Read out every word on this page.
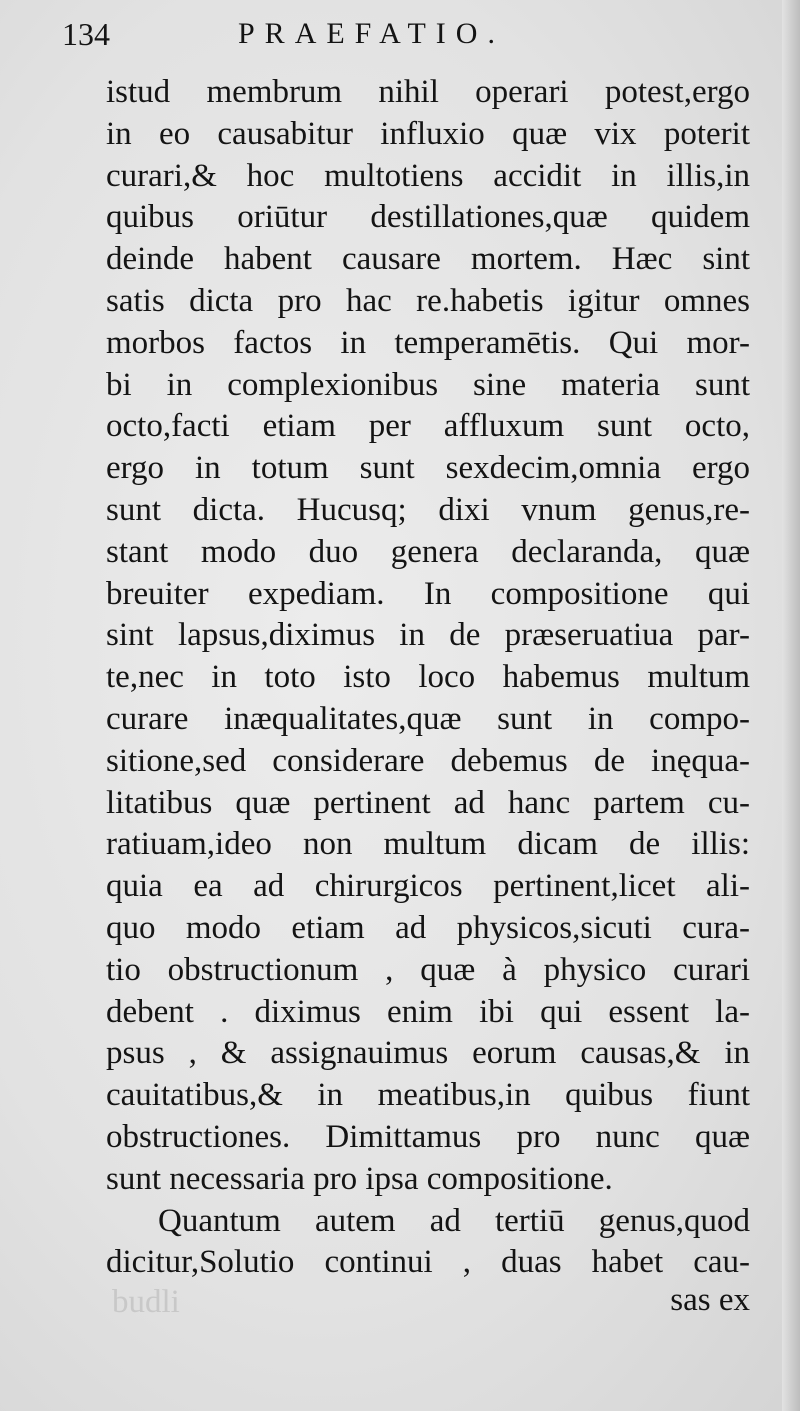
134	PRAEFATIO.
istud membrum nihil operari potest,ergo
in eo causabitur influxio quæ vix poterit
curari,& hoc multotiens accidit in illis,in
quibus oriūtur destillationes,quæ quidem
deinde habent causare mortem. Hæc sint
satis dicta pro hac re.habetis igitur omnes
morbos factos in temperamētis. Qui mor-
bi in complexionibus sine materia sunt
octo,facti etiam per affluxum sunt octo,
ergo in totum sunt sexdecim,omnia ergo
sunt dicta. Hucusq; dixi vnum genus,re-
stant modo duo genera declaranda, quæ
breuiter expediam. In compositione qui
sint lapsus,diximus in de præseruatiua par-
te,nec in toto isto loco habemus multum
curare inæqualitates,quæ sunt in compo-
sitione,sed considerare debemus de inęqua-
litatibus quæ pertinent ad hanc partem cu-
ratiuam,ideo non multum dicam de illis:
quia ea ad chirurgicos pertinent,licet ali-
quo modo etiam ad physicos,sicuti cura-
tio obstructionum , quæ à physico curari
debent . diximus enim ibi qui essent la-
psus , & assignauimus eorum causas,& in
cauitatibus,& in meatibus,in quibus fiunt
obstructiones. Dimittamus pro nunc quæ
sunt necessaria pro ipsa compositione.
Quantum autem ad tertiū genus,quod
dicitur,Solutio continui , duas habet cau-
budli	sas ex
